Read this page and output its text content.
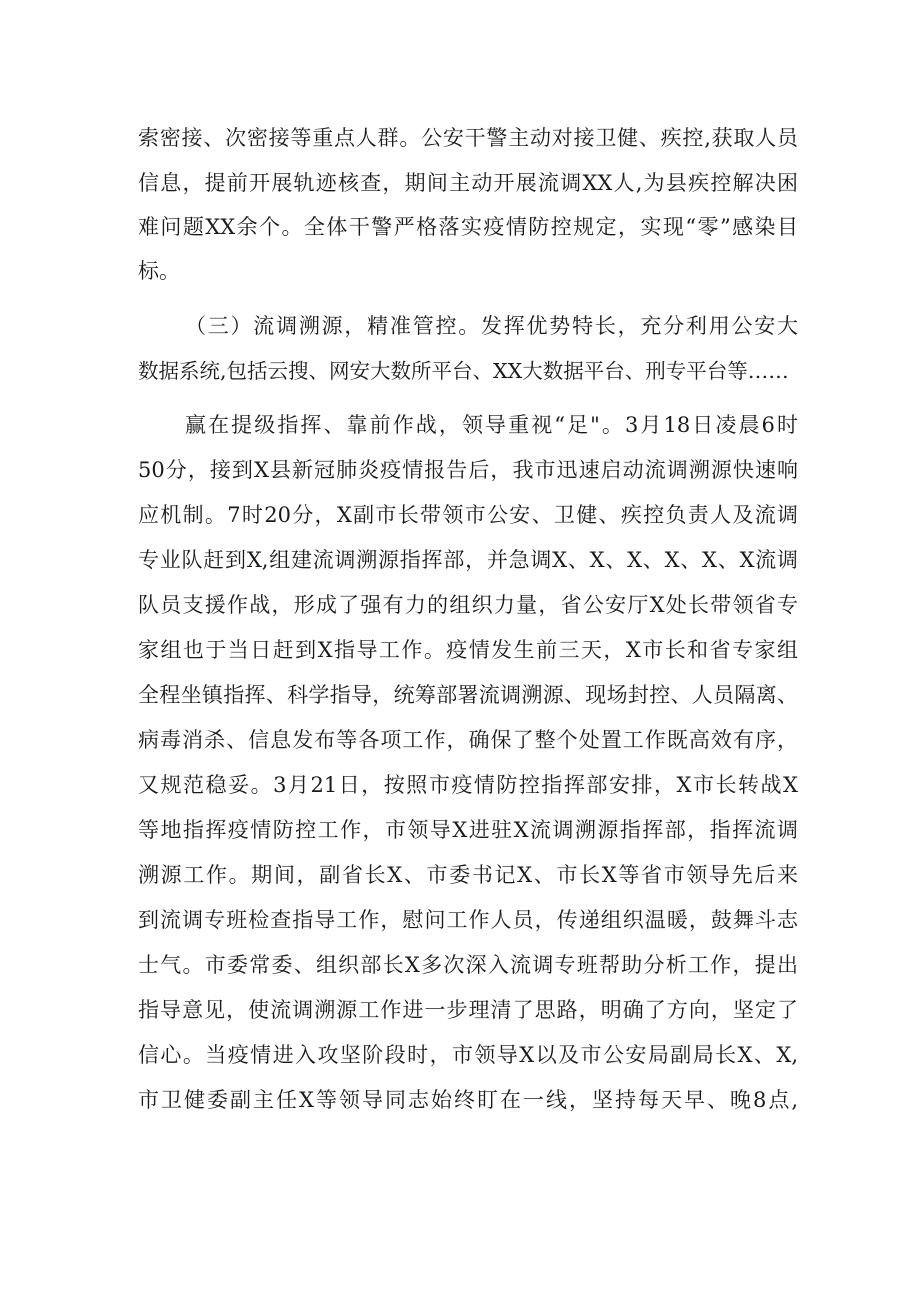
索密接、次密接等重点人群。公安干警主动对接卫健、疾控,获取人员
信息，提前开展轨迹核查，期间主动开展流调XX人,为县疾控解决困
难问题XX余个。全体干警严格落实疫情防控规定，实现“零”感染目
标。
（三）流调溯源，精准管控。发挥优势特长，充分利用公安大
数据系统,包括云搜、网安大数所平台、XX大数据平台、刑专平台等……
赢在提级指挥、靠前作战，领导重视“足"。3月18日凌晨6时
50分，接到X县新冠肺炎疫情报告后，我市迅速启动流调溯源快速响
应机制。7时20分，X副市长带领市公安、卫健、疾控负责人及流调
专业队赶到X,组建流调溯源指挥部，并急调X、X、X、X、X、X流调
队员支援作战，形成了强有力的组织力量，省公安厅X处长带领省专
家组也于当日赶到X指导工作。疫情发生前三天，X市长和省专家组
全程坐镇指挥、科学指导，统筹部署流调溯源、现场封控、人员隔离、
病毒消杀、信息发布等各项工作，确保了整个处置工作既高效有序，
又规范稳妥。3月21日，按照市疫情防控指挥部安排，X市长转战X
等地指挥疫情防控工作，市领导X进驻X流调溯源指挥部，指挥流调
溯源工作。期间，副省长X、市委书记X、市长X等省市领导先后来
到流调专班检查指导工作，慰问工作人员，传递组织温暖，鼓舞斗志
士气。市委常委、组织部长X多次深入流调专班帮助分析工作，提出
指导意见，使流调溯源工作进一步理清了思路，明确了方向，坚定了
信心。当疫情进入攻坚阶段时，市领导X以及市公安局副局长X、X,
市卫健委副主任X等领导同志始终盯在一线，坚持每天早、晚8点,
